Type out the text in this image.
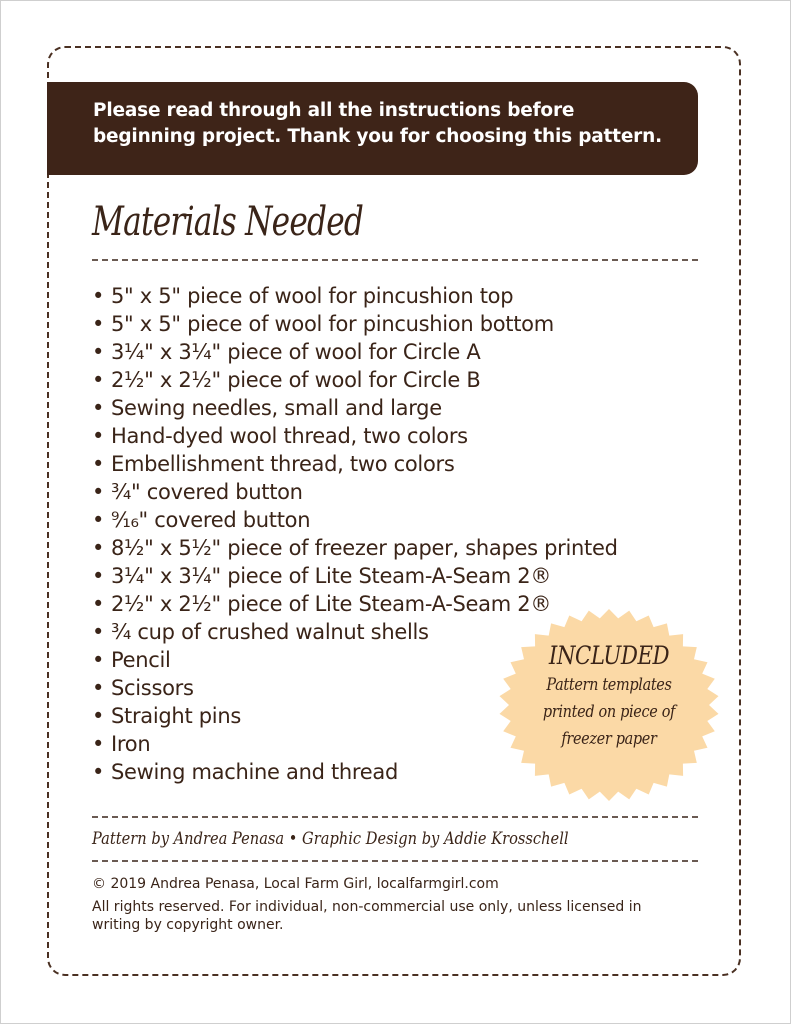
Please read through all the instructions before
beginning project. Thank you for choosing this pattern.
Materials Needed
• 5" x 5" piece of wool for pincushion top
• 5" x 5" piece of wool for pincushion bottom
• 3¼" x 3¼" piece of wool for Circle A
• 2½" x 2½" piece of wool for Circle B
• Sewing needles, small and large
• Hand-dyed wool thread, two colors
• Embellishment thread, two colors
• ¾" covered button
• ⁹⁄₁₆" covered button
• 8½" x 5½" piece of freezer paper, shapes printed
• 3¼" x 3¼" piece of Lite Steam-A-Seam 2®
• 2½" x 2½" piece of Lite Steam-A-Seam 2®
• ¾ cup of crushed walnut shells
• Pencil
• Scissors
• Straight pins
• Iron
• Sewing machine and thread
INCLUDED
Pattern templates
printed on piece of
freezer paper
Pattern by Andrea Penasa • Graphic Design by Addie Krosschell
© 2019 Andrea Penasa, Local Farm Girl, localfarmgirl.com
All rights reserved. For individual, non-commercial use only, unless licensed in writing by copyright owner.
